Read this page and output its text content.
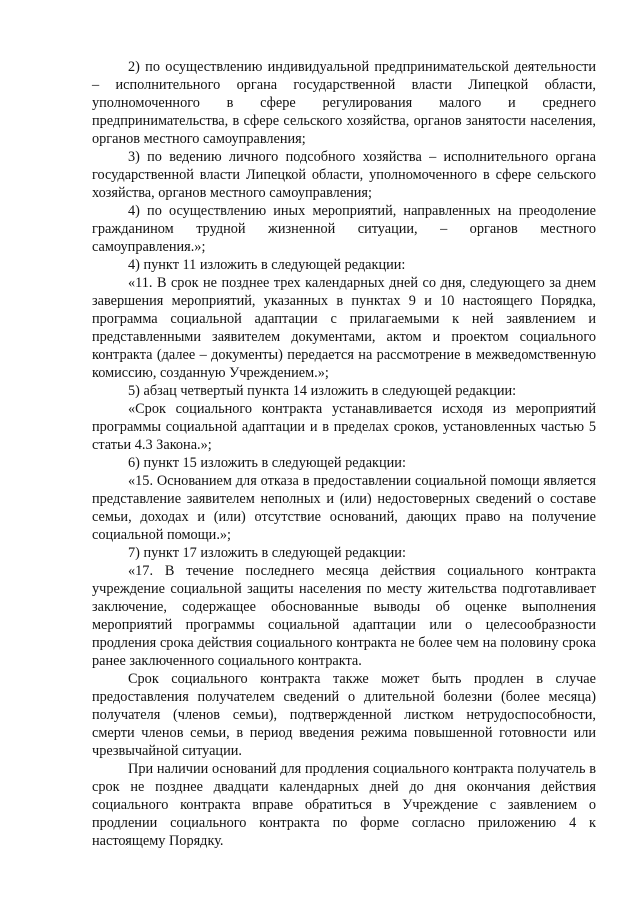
2) по осуществлению индивидуальной предпринимательской деятельности – исполнительного органа государственной власти Липецкой области, уполномоченного в сфере регулирования малого и среднего предпринимательства, в сфере сельского хозяйства, органов занятости населения, органов местного самоуправления;

3) по ведению личного подсобного хозяйства – исполнительного органа государственной власти Липецкой области, уполномоченного в сфере сельского хозяйства, органов местного самоуправления;

4) по осуществлению иных мероприятий, направленных на преодоление гражданином трудной жизненной ситуации, – органов местного самоуправления.»;

4) пункт 11 изложить в следующей редакции:

«11. В срок не позднее трех календарных дней со дня, следующего за днем завершения мероприятий, указанных в пунктах 9 и 10 настоящего Порядка, программа социальной адаптации с прилагаемыми к ней заявлением и представленными заявителем документами, актом и проектом социального контракта (далее – документы) передается на рассмотрение в межведомственную комиссию, созданную Учреждением.»;

5) абзац четвертый пункта 14 изложить в следующей редакции:

«Срок социального контракта устанавливается исходя из мероприятий программы социальной адаптации и в пределах сроков, установленных частью 5 статьи 4.3 Закона.»;

6) пункт 15 изложить в следующей редакции:

«15. Основанием для отказа в предоставлении социальной помощи является представление заявителем неполных и (или) недостоверных сведений о составе семьи, доходах и (или) отсутствие оснований, дающих право на получение социальной помощи.»;

7) пункт 17 изложить в следующей редакции:

«17. В течение последнего месяца действия социального контракта учреждение социальной защиты населения по месту жительства подготавливает заключение, содержащее обоснованные выводы об оценке выполнения мероприятий программы социальной адаптации или о целесообразности продления срока действия социального контракта не более чем на половину срока ранее заключенного социального контракта.

Срок социального контракта также может быть продлен в случае предоставления получателем сведений о длительной болезни (более месяца) получателя (членов семьи), подтвержденной листком нетрудоспособности, смерти членов семьи, в период введения режима повышенной готовности или чрезвычайной ситуации.

При наличии оснований для продления социального контракта получатель в срок не позднее двадцати календарных дней до дня окончания действия социального контракта вправе обратиться в Учреждение с заявлением о продлении социального контракта по форме согласно приложению 4 к настоящему Порядку.
